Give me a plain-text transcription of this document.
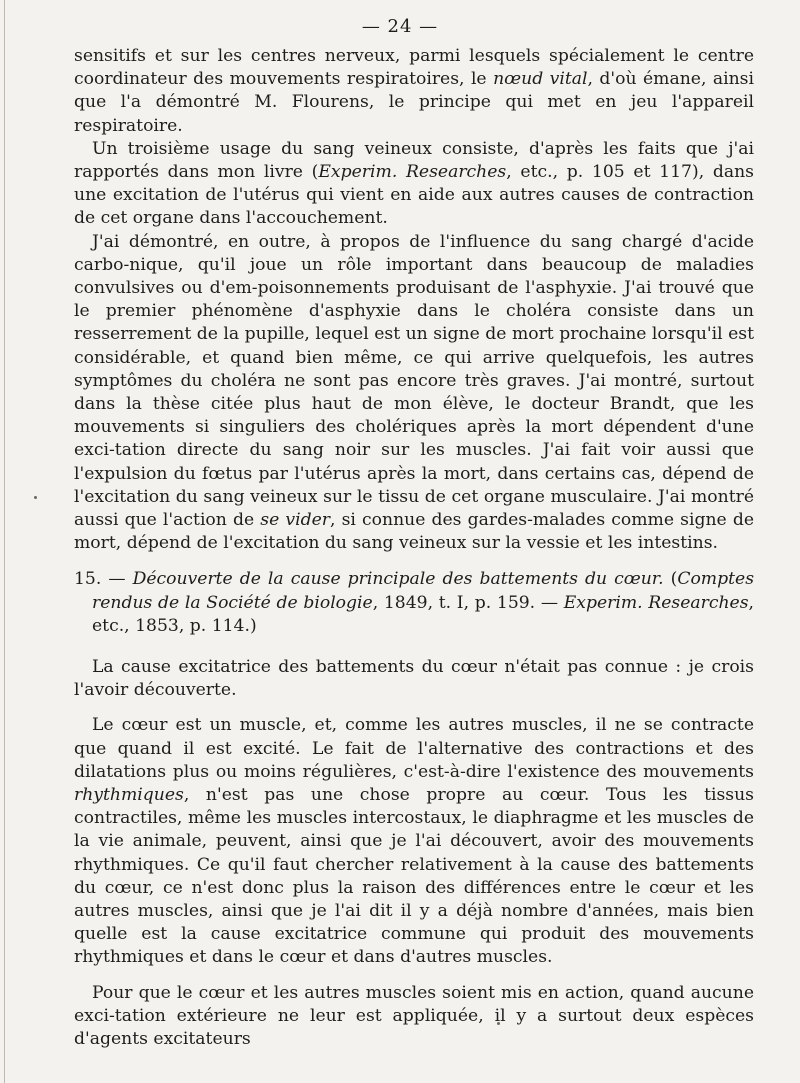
— 24 —

sensitifs et sur les centres nerveux, parmi lesquels spécialement le centre coordinateur des mouvements respiratoires, le nœud vital, d'où émane, ainsi que l'a démontré M. Flourens, le principe qui met en jeu l'appareil respiratoire.

Un troisième usage du sang veineux consiste, d'après les faits que j'ai rapportés dans mon livre (Experim. Researches, etc., p. 105 et 117), dans une excitation de l'utérus qui vient en aide aux autres causes de contraction de cet organe dans l'accouchement.

J'ai démontré, en outre, à propos de l'influence du sang chargé d'acide carbo-nique, qu'il joue un rôle important dans beaucoup de maladies convulsives ou d'em-poisonnements produisant de l'asphyxie. J'ai trouvé que le premier phénomène d'asphyxie dans le choléra consiste dans un resserrement de la pupille, lequel est un signe de mort prochaine lorsqu'il est considérable, et quand bien même, ce qui arrive quelquefois, les autres symptômes du choléra ne sont pas encore très graves. J'ai montré, surtout dans la thèse citée plus haut de mon élève, le docteur Brandt, que les mouvements si singuliers des cholériques après la mort dépendent d'une exci-tation directe du sang noir sur les muscles. J'ai fait voir aussi que l'expulsion du fœtus par l'utérus après la mort, dans certains cas, dépend de l'excitation du sang veineux sur le tissu de cet organe musculaire. J'ai montré aussi que l'action de se vider, si connue des gardes-malades comme signe de mort, dépend de l'excitation du sang veineux sur la vessie et les intestins.

15. — Découverte de la cause principale des battements du cœur. (Comptes rendus de la Société de biologie, 1849, t. I, p. 159. — Experim. Researches, etc., 1853, p. 114.)

La cause excitatrice des battements du cœur n'était pas connue : je crois l'avoir découverte.

Le cœur est un muscle, et, comme les autres muscles, il ne se contracte que quand il est excité. Le fait de l'alternative des contractions et des dilatations plus ou moins régulières, c'est-à-dire l'existence des mouvements rhythmiques, n'est pas une chose propre au cœur. Tous les tissus contractiles, même les muscles intercostaux, le diaphragme et les muscles de la vie animale, peuvent, ainsi que je l'ai découvert, avoir des mouvements rhythmiques. Ce qu'il faut chercher relativement à la cause des battements du cœur, ce n'est donc plus la raison des différences entre le cœur et les autres muscles, ainsi que je l'ai dit il y a déjà nombre d'années, mais bien quelle est la cause excitatrice commune qui produit des mouvements rhythmiques et dans le cœur et dans d'autres muscles.

Pour que le cœur et les autres muscles soient mis en action, quand aucune exci-tation extérieure ne leur est appliquée, il y a surtout deux espèces d'agents excitateurs
